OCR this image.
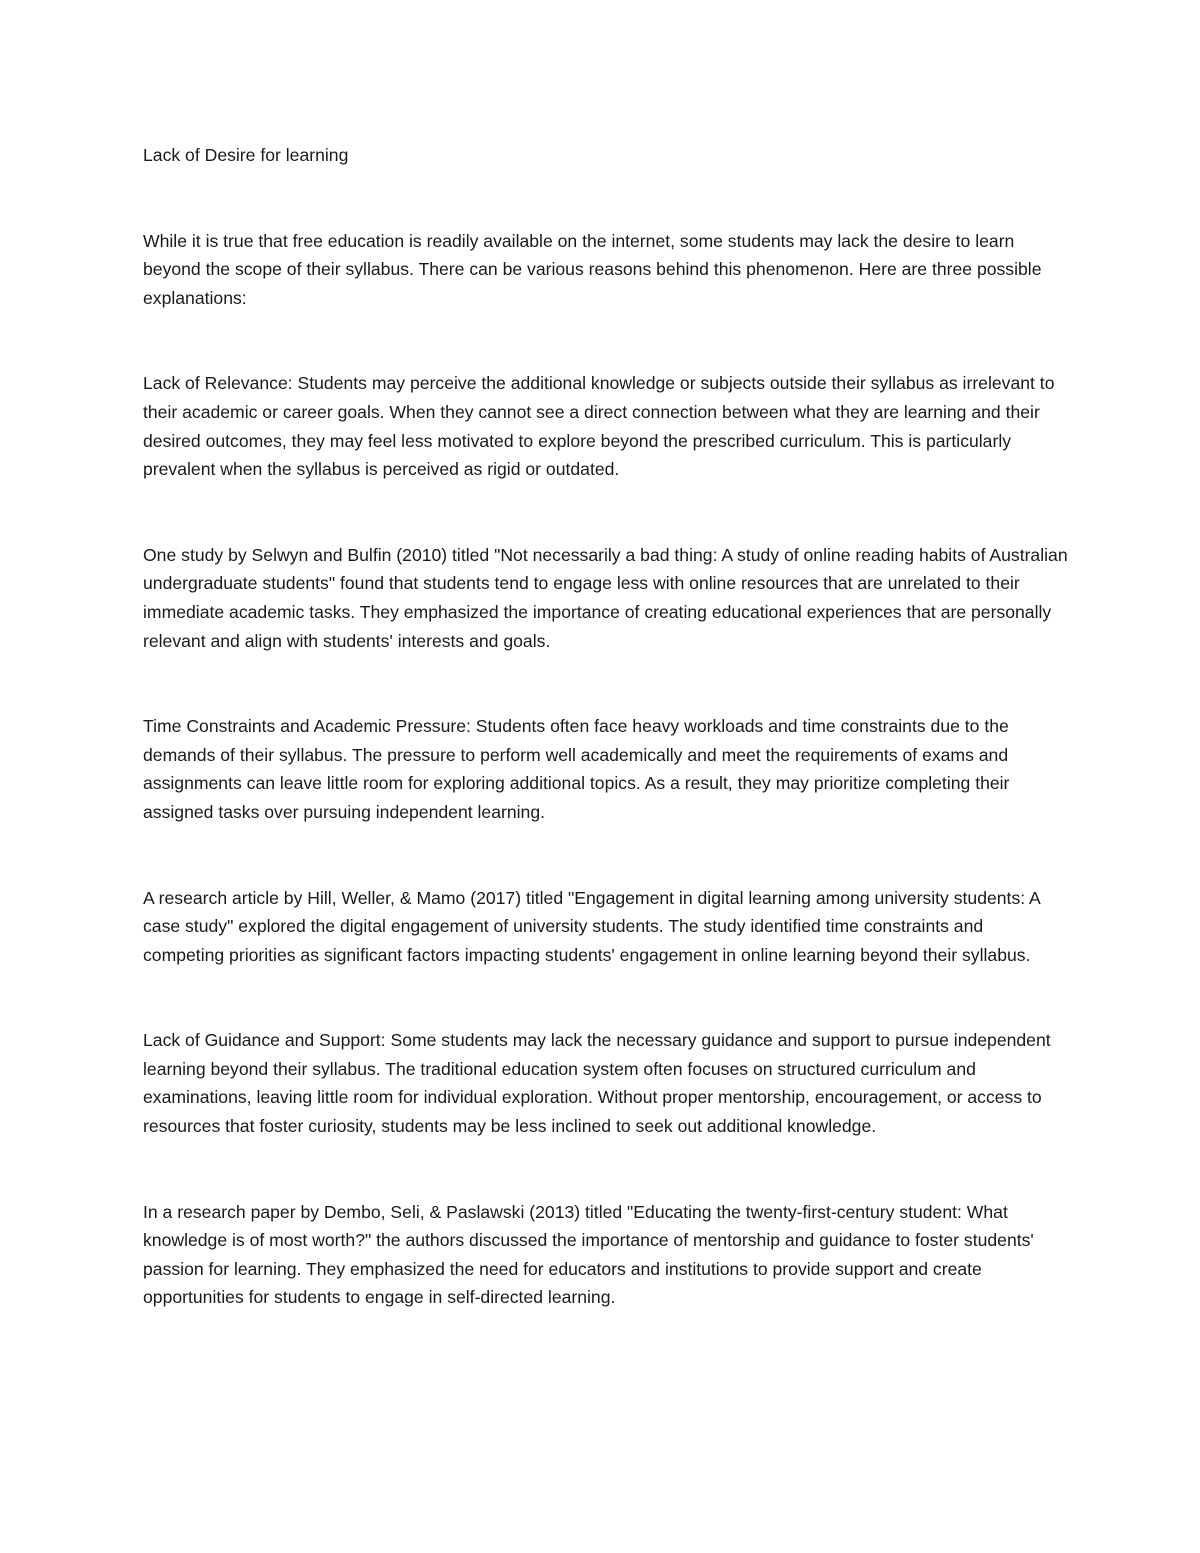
Lack of Desire for learning

While it is true that free education is readily available on the internet, some students may lack the desire to learn beyond the scope of their syllabus. There can be various reasons behind this phenomenon. Here are three possible explanations:

Lack of Relevance: Students may perceive the additional knowledge or subjects outside their syllabus as irrelevant to their academic or career goals. When they cannot see a direct connection between what they are learning and their desired outcomes, they may feel less motivated to explore beyond the prescribed curriculum. This is particularly prevalent when the syllabus is perceived as rigid or outdated.

One study by Selwyn and Bulfin (2010) titled "Not necessarily a bad thing: A study of online reading habits of Australian undergraduate students" found that students tend to engage less with online resources that are unrelated to their immediate academic tasks. They emphasized the importance of creating educational experiences that are personally relevant and align with students' interests and goals.

Time Constraints and Academic Pressure: Students often face heavy workloads and time constraints due to the demands of their syllabus. The pressure to perform well academically and meet the requirements of exams and assignments can leave little room for exploring additional topics. As a result, they may prioritize completing their assigned tasks over pursuing independent learning.

A research article by Hill, Weller, & Mamo (2017) titled "Engagement in digital learning among university students: A case study" explored the digital engagement of university students. The study identified time constraints and competing priorities as significant factors impacting students' engagement in online learning beyond their syllabus.

Lack of Guidance and Support: Some students may lack the necessary guidance and support to pursue independent learning beyond their syllabus. The traditional education system often focuses on structured curriculum and examinations, leaving little room for individual exploration. Without proper mentorship, encouragement, or access to resources that foster curiosity, students may be less inclined to seek out additional knowledge.

In a research paper by Dembo, Seli, & Paslawski (2013) titled "Educating the twenty-first-century student: What knowledge is of most worth?" the authors discussed the importance of mentorship and guidance to foster students' passion for learning. They emphasized the need for educators and institutions to provide support and create opportunities for students to engage in self-directed learning.
